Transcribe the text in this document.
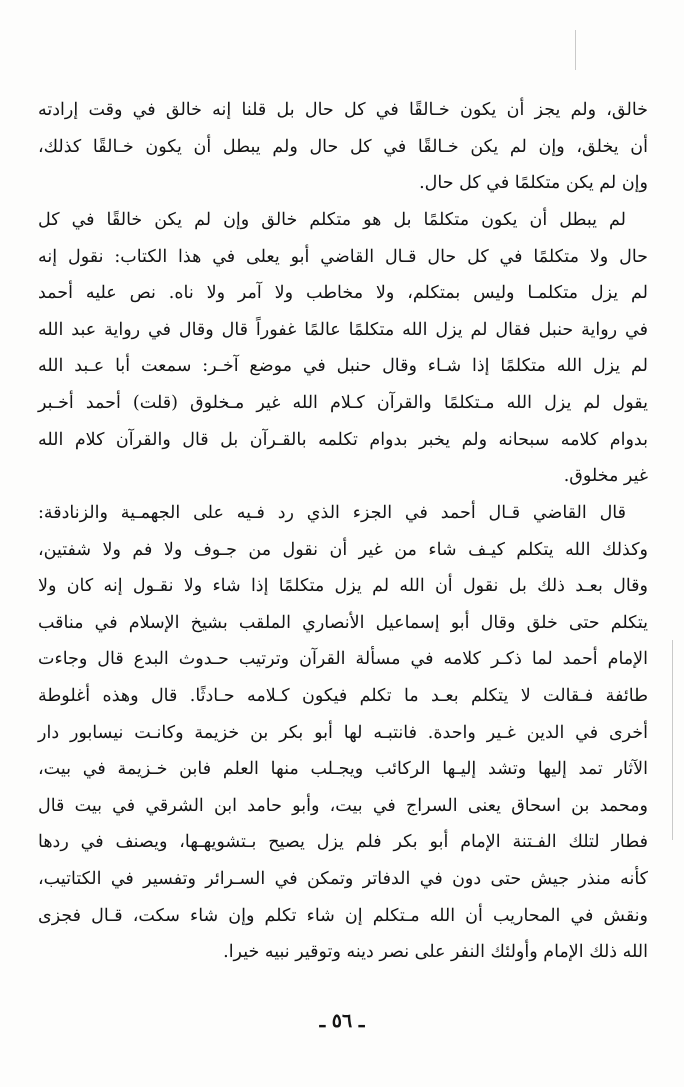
خالق، ولم يجز أن يكون خـالقًا في كل حال بل قلنا إنه خالق في وقت إرادته
أن يخلق، وإن لم يكن خـالقًا في كل حال ولم يبطل أن يكون خـالقًا كذلك،
وإن لم يكن متكلمًا في كل حال.
لم يبطل أن يكون متكلمًا بل هو متكلم خالق وإن لم يكن خالقًا في كل
حال ولا متكلمًا في كل حال قـال القاضي أبو يعلى في هذا الكتاب: نقول إنه
لم يزل متكلمـا وليس بمتكلم، ولا مخاطب ولا آمر ولا ناه. نص عليه أحمد
في رواية حنبل فقال لم يزل الله متكلمًا عالمًا غفوراً قال وقال في رواية عبد الله
لم يزل الله متكلمًا إذا شـاء وقال حنبل في موضع آخـر: سمعت أبا عـبد الله
يقول لم يزل الله مـتكلمًا والقرآن كـلام الله غير مـخلوق (قلت) أحمد أخـبر
بدوام كلامه سبحانه ولم يخبر بدوام تكلمه بالقـرآن بل قال والقرآن كلام الله
غير مخلوق.
قال القاضي قـال أحمد في الجزء الذي رد فـيه على الجهمـية والزنادقة:
وكذلك الله يتكلم كيـف شاء من غير أن نقول من جـوف ولا فم ولا شفتين،
وقال بعـد ذلك بل نقول أن الله لم يزل متكلمًا إذا شاء ولا نقـول إنه كان ولا
يتكلم حتى خلق وقال أبو إسماعيل الأنصاري الملقب بشيخ الإسلام في مناقب
الإمام أحمد لما ذكـر كلامه في مسألة القرآن وترتيب حـدوث البدع قال وجاءت
طائفة فـقالت لا يتكلم بعـد ما تكلم فيكون كـلامه حـادثًا. قال وهذه أغلوطة
أخرى في الدين غـير واحدة. فانتبـه لها أبو بكر بن خزيمة وكانـت نيسابور دار
الآثار تمد إليها وتشد إليـها الركائب ويجـلب منها العلم فابن خـزيمة في بيت،
ومحمد بن اسحاق يعنى السراج في بيت، وأبو حامد ابن الشرقي في بيت قال
فطار لتلك الفـتنة الإمام أبو بكر فلم يزل يصيح بـتشويهـها، ويصنف في ردها
كأنه منذر جيش حتى دون في الدفاتر وتمكن في السـرائر وتفسير في الكتاتيب،
ونقش في المحاريب أن الله مـتكلم إن شاء تكلم وإن شاء سكت، قـال فجزى
الله ذلك الإمام وأولئك النفر على نصر دينه وتوقير نبيه خيرا.
ـ ٥٦ ـ
